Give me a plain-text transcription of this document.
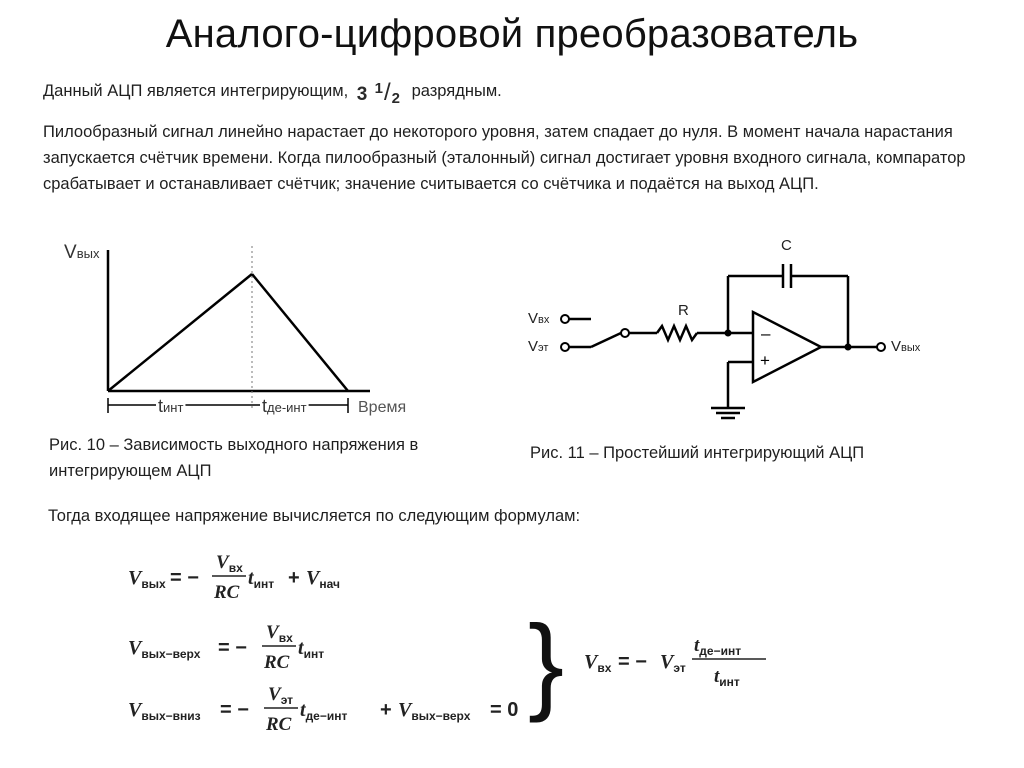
Аналого-цифровой преобразователь
Данный АЦП является интегрирующим, 3 $^1$/2 разрядным.
Пилообразный сигнал линейно нарастает до некоторого уровня, затем спадает до нуля. В момент начала нарастания запускается счётчик времени. Когда пилообразный (эталонный) сигнал достигает уровня входного сигнала, компаратор срабатывает и останавливает счётчик; значение считывается со счётчика и подаётся на выход АЦП.
Vвых
tинт	tде-инт	Время
Рис. 10 – Зависимость выходного напряжения в интегрирующем АЦП
Vвх
Vэт
R
C
–
+
Vвых
Рис. 11 – Простейший интегрирующий АЦП
Тогда входящее напряжение вычисляется по следующим формулам:
$V_{вых}$ = −
$V_{вх}$
RC
$t_{инт} + V_{нач}$
$V_{вых-верх}$ = −
$V_{вх}$
RC
$t_{инт}$
$V_{вых-вниз}$ = −
$V_{эт}$
RC
$t_{де-инт} + V_{вых-верх} = 0$ } $V_{вх}$ = − $V_{эт}$
$t_{де-инт}$
$t_{инт}$
